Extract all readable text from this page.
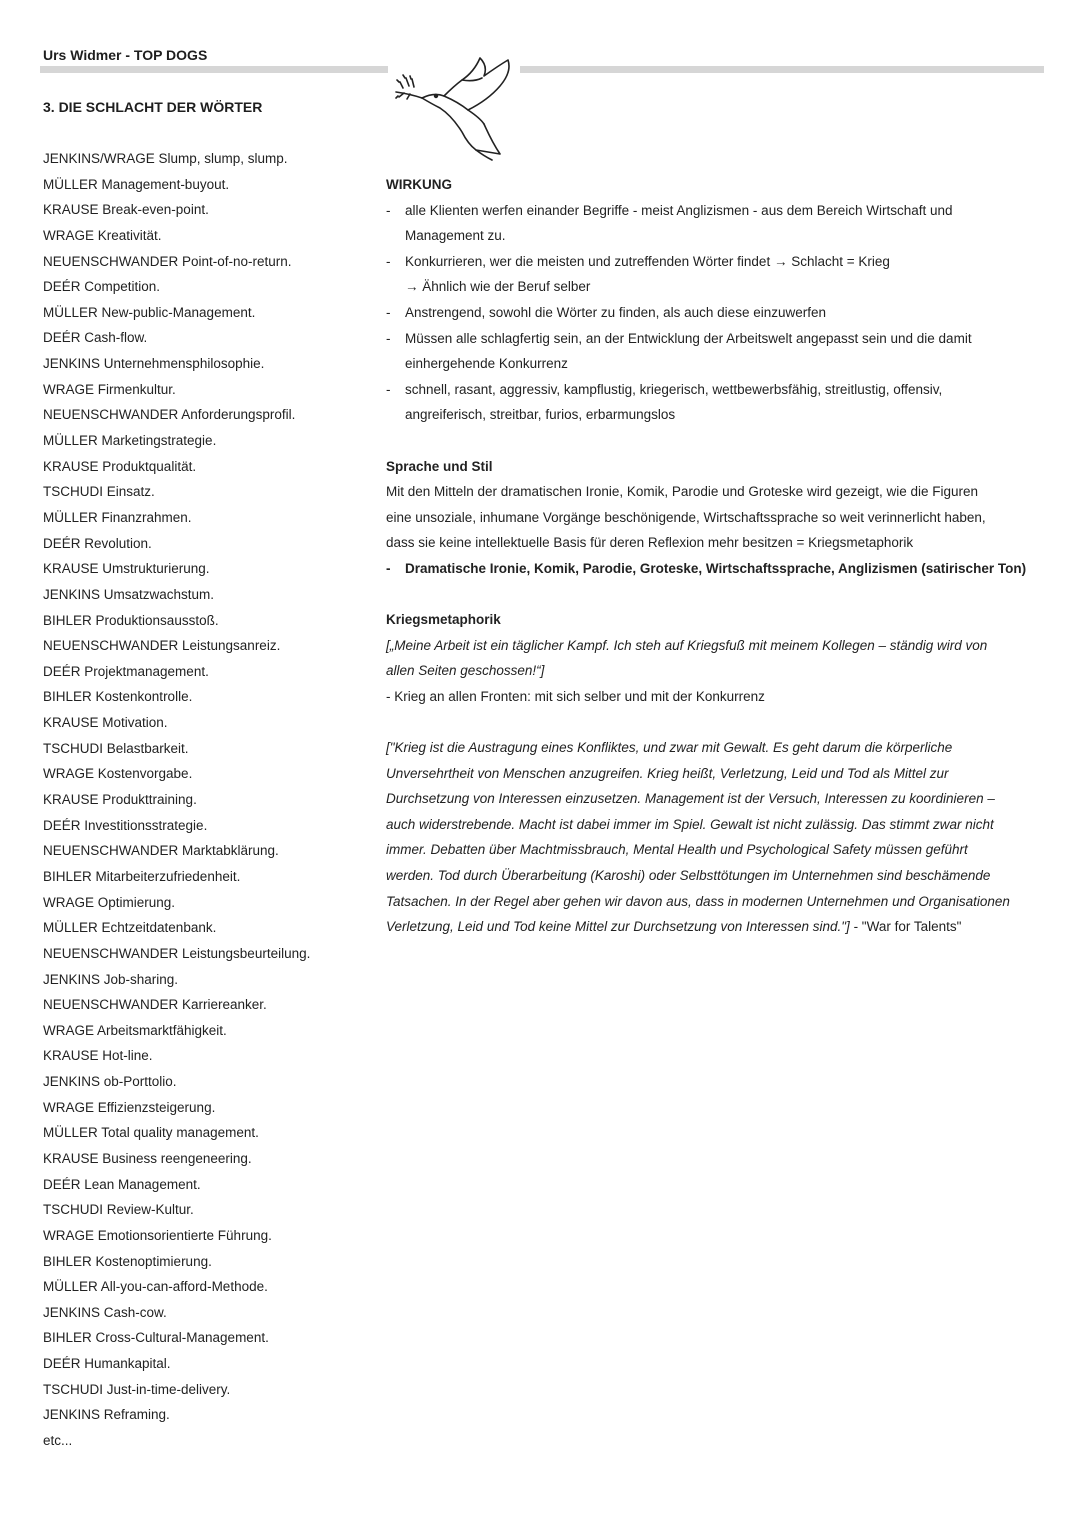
Urs Widmer - TOP DOGS
3. DIE SCHLACHT DER WÖRTER
JENKINS/WRAGE Slump, slump, slump.
MÜLLER Management-buyout.
KRAUSE Break-even-point.
WRAGE Kreativität.
NEUENSCHWANDER Point-of-no-return.
DEÉR Competition.
MÜLLER New-public-Management.
DEÉR Cash-flow.
JENKINS Unternehmensphilosophie.
WRAGE Firmenkultur.
NEUENSCHWANDER Anforderungsprofil.
MÜLLER Marketingstrategie.
KRAUSE Produktqualität.
TSCHUDI Einsatz.
MÜLLER Finanzrahmen.
DEÉR Revolution.
KRAUSE Umstrukturierung.
JENKINS Umsatzwachstum.
BIHLER Produktionsausstoß.
NEUENSCHWANDER Leistungsanreiz.
DEÉR Projektmanagement.
BIHLER Kostenkontrolle.
KRAUSE Motivation.
TSCHUDI Belastbarkeit.
WRAGE Kostenvorgabe.
KRAUSE Produkttraining.
DEÉR Investitionsstrategie.
NEUENSCHWANDER Marktabklärung.
BIHLER Mitarbeiterzufriedenheit.
WRAGE Optimierung.
MÜLLER Echtzeitdatenbank.
NEUENSCHWANDER Leistungsbeurteilung.
JENKINS Job-sharing.
NEUENSCHWANDER Karriereanker.
WRAGE Arbeitsmarktfähigkeit.
KRAUSE Hot-line.
JENKINS ob-Porttolio.
WRAGE Effizienzsteigerung.
MÜLLER Total quality management.
KRAUSE Business reengeneering.
DEÉR Lean Management.
TSCHUDI Review-Kultur.
WRAGE Emotionsorientierte Führung.
BIHLER Kostenoptimierung.
MÜLLER All-you-can-afford-Methode.
JENKINS Cash-cow.
BIHLER Cross-Cultural-Management.
DEÉR Humankapital.
TSCHUDI Just-in-time-delivery.
JENKINS Reframing.
etc...
WIRKUNG
-	alle Klienten werfen einander Begriffe - meist Anglizismen - aus dem Bereich Wirtschaft und
Management zu.
-	Konkurrieren, wer die meisten und zutreffenden Wörter findet → Schlacht = Krieg
→ Ähnlich wie der Beruf selber
-	Anstrengend, sowohl die Wörter zu finden, als auch diese einzuwerfen
-	Müssen alle schlagfertig sein, an der Entwicklung der Arbeitswelt angepasst sein und die damit
einhergehende Konkurrenz
-	schnell, rasant, aggressiv, kampflustig, kriegerisch, wettbewerbsfähig, streitlustig, offensiv,
angreiferisch, streitbar, furios, erbarmungslos
Sprache und Stil
Mit den Mitteln der dramatischen Ironie, Komik, Parodie und Groteske wird gezeigt, wie die Figuren
eine unsoziale, inhumane Vorgänge beschönigende, Wirtschaftssprache so weit verinnerlicht haben,
dass sie keine intellektuelle Basis für deren Reflexion mehr besitzen = Kriegsmetaphorik
-	Dramatische Ironie, Komik, Parodie, Groteske, Wirtschaftssprache, Anglizismen (satirischer Ton)
Kriegsmetaphorik
[„Meine Arbeit ist ein täglicher Kampf. Ich steh auf Kriegsfuß mit meinem Kollegen – ständig wird von
allen Seiten geschossen!“]
- Krieg an allen Fronten: mit sich selber und mit der Konkurrenz
["Krieg ist die Austragung eines Konfliktes, und zwar mit Gewalt. Es geht darum die körperliche
Unversehrtheit von Menschen anzugreifen. Krieg heißt, Verletzung, Leid und Tod als Mittel zur
Durchsetzung von Interessen einzusetzen. Management ist der Versuch, Interessen zu koordinieren –
auch widerstrebende. Macht ist dabei immer im Spiel. Gewalt ist nicht zulässig. Das stimmt zwar nicht
immer. Debatten über Machtmissbrauch, Mental Health und Psychological Safety müssen geführt
werden. Tod durch Überarbeitung (Karoshi) oder Selbsttötungen im Unternehmen sind beschämende
Tatsachen. In der Regel aber gehen wir davon aus, dass in modernen Unternehmen und Organisationen
Verletzung, Leid und Tod keine Mittel zur Durchsetzung von Interessen sind."] - "War for Talents"
